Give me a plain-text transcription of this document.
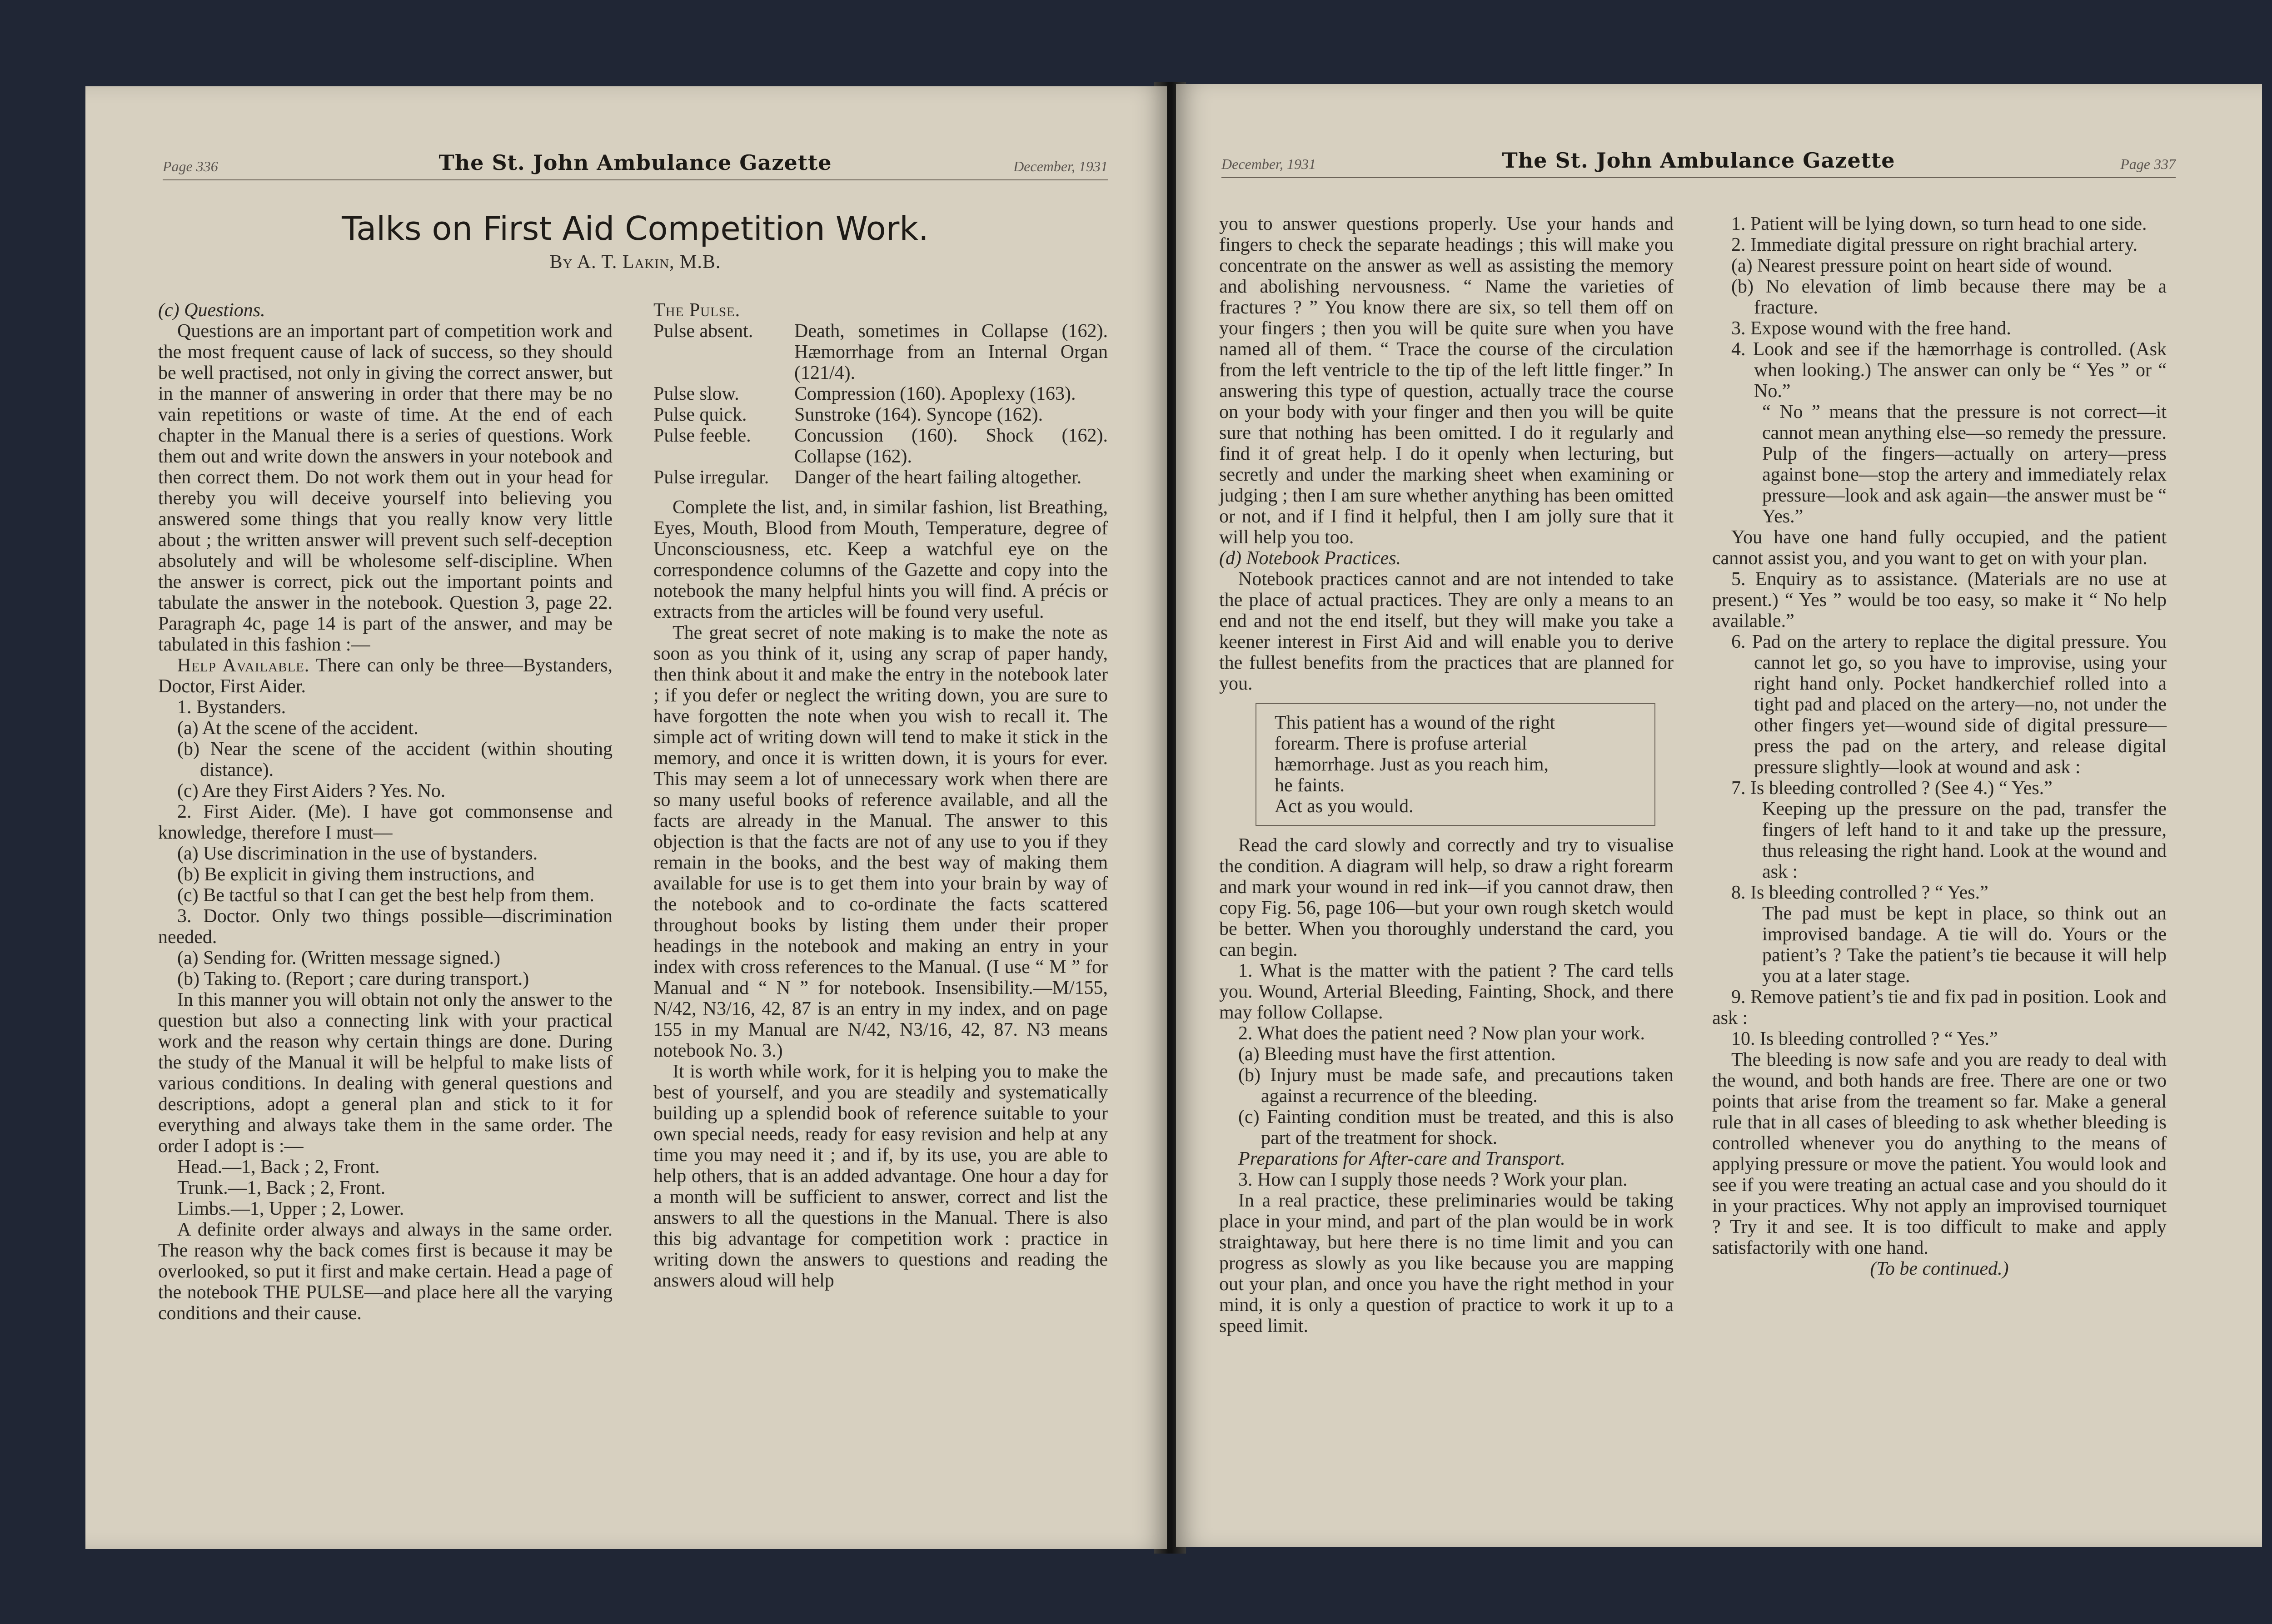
Page 336	The St. John Ambulance Gazette	December, 1931
Talks on First Aid Competition Work.
By A. T. Lakin, M.B.

(c) Questions.

Questions are an important part of competition work and the most frequent cause of lack of success, so they should be well practised, not only in giving the correct answer, but in the manner of answering in order that there may be no vain repetitions or waste of time. At the end of each chapter in the Manual there is a series of questions. Work them out and write down the answers in your notebook and then correct them. Do not work them out in your head for thereby you will deceive yourself into believing you answered some things that you really know very little about ; the written answer will prevent such self-deception absolutely and will be wholesome self-discipline. When the answer is correct, pick out the important points and tabulate the answer in the notebook. Question 3, page 22. Paragraph 4c, page 14 is part of the answer, and may be tabulated in this fashion :—

Help Available. There can only be three—Bystanders, Doctor, First Aider.

1. Bystanders.

(a) At the scene of the accident.

(b) Near the scene of the accident (within shouting distance).

(c) Are they First Aiders ? Yes. No.

2. First Aider. (Me). I have got commonsense and knowledge, therefore I must—

(a) Use discrimination in the use of bystanders.

(b) Be explicit in giving them instructions, and

(c) Be tactful so that I can get the best help from them.

3. Doctor. Only two things possible—discrimination needed.

(a) Sending for. (Written message signed.)

(b) Taking to. (Report ; care during transport.)

In this manner you will obtain not only the answer to the question but also a connecting link with your practical work and the reason why certain things are done. During the study of the Manual it will be helpful to make lists of various conditions. In dealing with general questions and descriptions, adopt a general plan and stick to it for everything and always take them in the same order. The order I adopt is :—

Head.—1, Back ; 2, Front.

Trunk.—1, Back ; 2, Front.

Limbs.—1, Upper ; 2, Lower.

A definite order always and always in the same order. The reason why the back comes first is because it may be overlooked, so put it first and make certain. Head a page of the notebook THE PULSE—and place here all the varying conditions and their cause.

The Pulse.

Pulse absent.	Death, sometimes in Collapse (162). Hæmorrhage from an Internal Organ (121/4).
Pulse slow.	Compression (160). Apoplexy (163).
Pulse quick.	Sunstroke (164). Syncope (162).
Pulse feeble.	Concussion (160). Shock (162). Collapse (162).
Pulse irregular.	Danger of the heart failing altogether.

Complete the list, and, in similar fashion, list Breathing, Eyes, Mouth, Blood from Mouth, Temperature, degree of Unconsciousness, etc. Keep a watchful eye on the correspondence columns of the Gazette and copy into the notebook the many helpful hints you will find. A précis or extracts from the articles will be found very useful.

The great secret of note making is to make the note as soon as you think of it, using any scrap of paper handy, then think about it and make the entry in the notebook later ; if you defer or neglect the writing down, you are sure to have forgotten the note when you wish to recall it. The simple act of writing down will tend to make it stick in the memory, and once it is written down, it is yours for ever. This may seem a lot of unnecessary work when there are so many useful books of reference available, and all the facts are already in the Manual. The answer to this objection is that the facts are not of any use to you if they remain in the books, and the best way of making them available for use is to get them into your brain by way of the notebook and to co-ordinate the facts scattered throughout books by listing them under their proper headings in the notebook and making an entry in your index with cross references to the Manual. (I use “ M ” for Manual and “ N ” for notebook. Insensibility.—M/155, N/42, N3/16, 42, 87 is an entry in my index, and on page 155 in my Manual are N/42, N3/16, 42, 87. N3 means notebook No. 3.)

It is worth while work, for it is helping you to make the best of yourself, and you are steadily and systematically building up a splendid book of reference suitable to your own special needs, ready for easy revision and help at any time you may need it ; and if, by its use, you are able to help others, that is an added advantage. One hour a day for a month will be sufficient to answer, correct and list the answers to all the questions in the Manual. There is also this big advantage for competition work : practice in writing down the answers to questions and reading the answers aloud will help

December, 1931	The St. John Ambulance Gazette	Page 337

you to answer questions properly. Use your hands and fingers to check the separate headings ; this will make you concentrate on the answer as well as assisting the memory and abolishing nervousness. “ Name the varieties of fractures ? ” You know there are six, so tell them off on your fingers ; then you will be quite sure when you have named all of them. “ Trace the course of the circulation from the left ventricle to the tip of the left little finger.” In answering this type of question, actually trace the course on your body with your finger and then you will be quite sure that nothing has been omitted. I do it regularly and find it of great help. I do it openly when lecturing, but secretly and under the marking sheet when examining or judging ; then I am sure whether anything has been omitted or not, and if I find it helpful, then I am jolly sure that it will help you too.

(d) Notebook Practices.

Notebook practices cannot and are not intended to take the place of actual practices. They are only a means to an end and not the end itself, but they will make you take a keener interest in First Aid and will enable you to derive the fullest benefits from the practices that are planned for you.

This patient has a wound of the right

forearm. There is profuse arterial

hæmorrhage. Just as you reach him,

he faints.

Act as you would.

Read the card slowly and correctly and try to visualise the condition. A diagram will help, so draw a right forearm and mark your wound in red ink—if you cannot draw, then copy Fig. 56, page 106—but your own rough sketch would be better. When you thoroughly understand the card, you can begin.

1. What is the matter with the patient ? The card tells you. Wound, Arterial Bleeding, Fainting, Shock, and there may follow Collapse.

2. What does the patient need ? Now plan your work.

(a) Bleeding must have the first attention.

(b) Injury must be made safe, and precautions taken against a recurrence of the bleeding.

(c) Fainting condition must be treated, and this is also part of the treatment for shock.

Preparations for After-care and Transport.

3. How can I supply those needs ? Work your plan.

In a real practice, these preliminaries would be taking place in your mind, and part of the plan would be in work straightaway, but here there is no time limit and you can progress as slowly as you like because you are mapping out your plan, and once you have the right method in your mind, it is only a question of practice to work it up to a speed limit.

1. Patient will be lying down, so turn head to one side.

2. Immediate digital pressure on right brachial artery.

(a) Nearest pressure point on heart side of wound.

(b) No elevation of limb because there may be a fracture.

3. Expose wound with the free hand.

4. Look and see if the hæmorrhage is controlled. (Ask when looking.) The answer can only be “ Yes ” or “ No.”

“ No ” means that the pressure is not correct—it cannot mean anything else—so remedy the pressure. Pulp of the fingers—actually on artery—press against bone—stop the artery and immediately relax pressure—look and ask again—the answer must be “ Yes.”

You have one hand fully occupied, and the patient cannot assist you, and you want to get on with your plan.

5. Enquiry as to assistance. (Materials are no use at present.) “ Yes ” would be too easy, so make it “ No help available.”

6. Pad on the artery to replace the digital pressure. You cannot let go, so you have to improvise, using your right hand only. Pocket handkerchief rolled into a tight pad and placed on the artery—no, not under the other fingers yet—wound side of digital pressure—press the pad on the artery, and release digital pressure slightly—look at wound and ask :

7. Is bleeding controlled ? (See 4.) “ Yes.”

Keeping up the pressure on the pad, transfer the fingers of left hand to it and take up the pressure, thus releasing the right hand. Look at the wound and ask :

8. Is bleeding controlled ? “ Yes.”

The pad must be kept in place, so think out an improvised bandage. A tie will do. Yours or the patient’s ? Take the patient’s tie because it will help you at a later stage.

9. Remove patient’s tie and fix pad in position. Look and ask :

10. Is bleeding controlled ? “ Yes.”

The bleeding is now safe and you are ready to deal with the wound, and both hands are free. There are one or two points that arise from the treament so far. Make a general rule that in all cases of bleeding to ask whether bleeding is controlled whenever you do anything to the means of applying pressure or move the patient. You would look and see if you were treating an actual case and you should do it in your practices. Why not apply an improvised tourniquet ? Try it and see. It is too difficult to make and apply satisfactorily with one hand.

(To be continued.)
